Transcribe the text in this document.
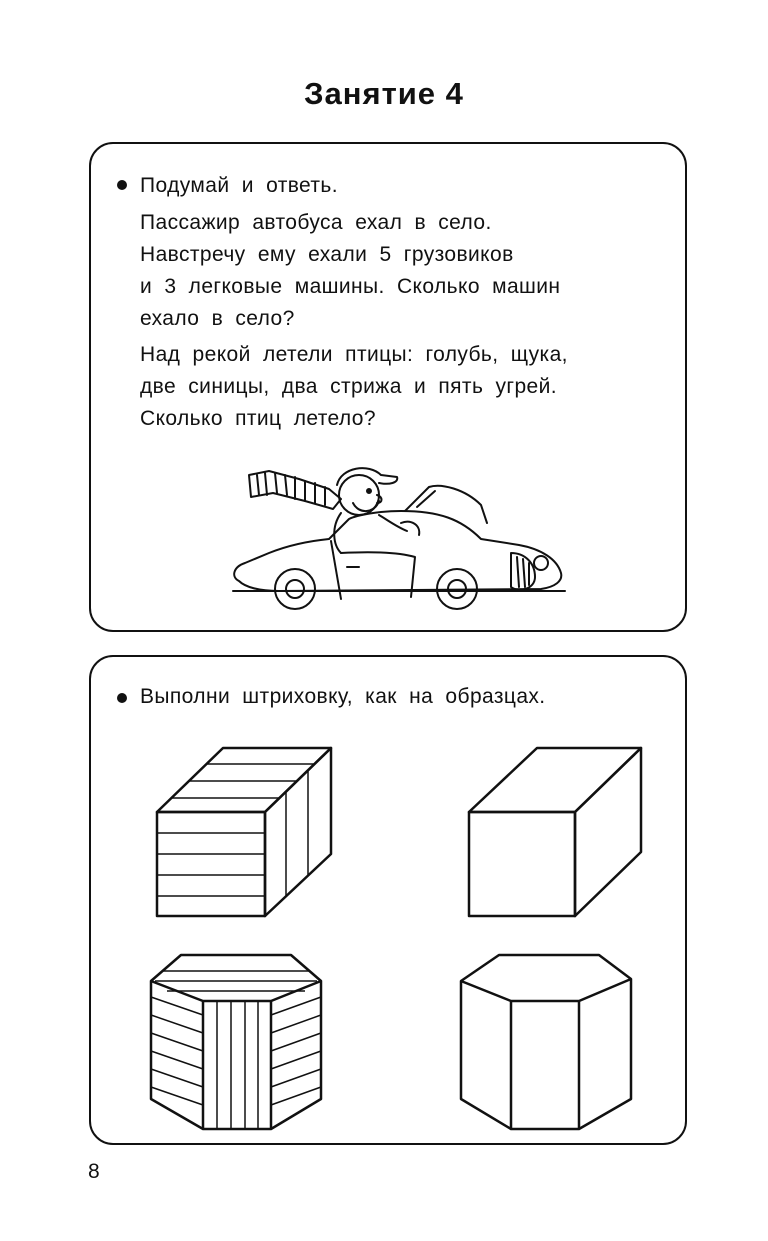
Занятие 4
Подумай и ответь.
Пассажир автобуса ехал в село.
Навстречу ему ехали 5 грузовиков
и 3 легковые машины. Сколько машин
ехало в село?
Над рекой летели птицы: голубь, щука,
две синицы, два стрижа и пять угрей.
Сколько птиц летело?
Выполни штриховку, как на образцах.
8
